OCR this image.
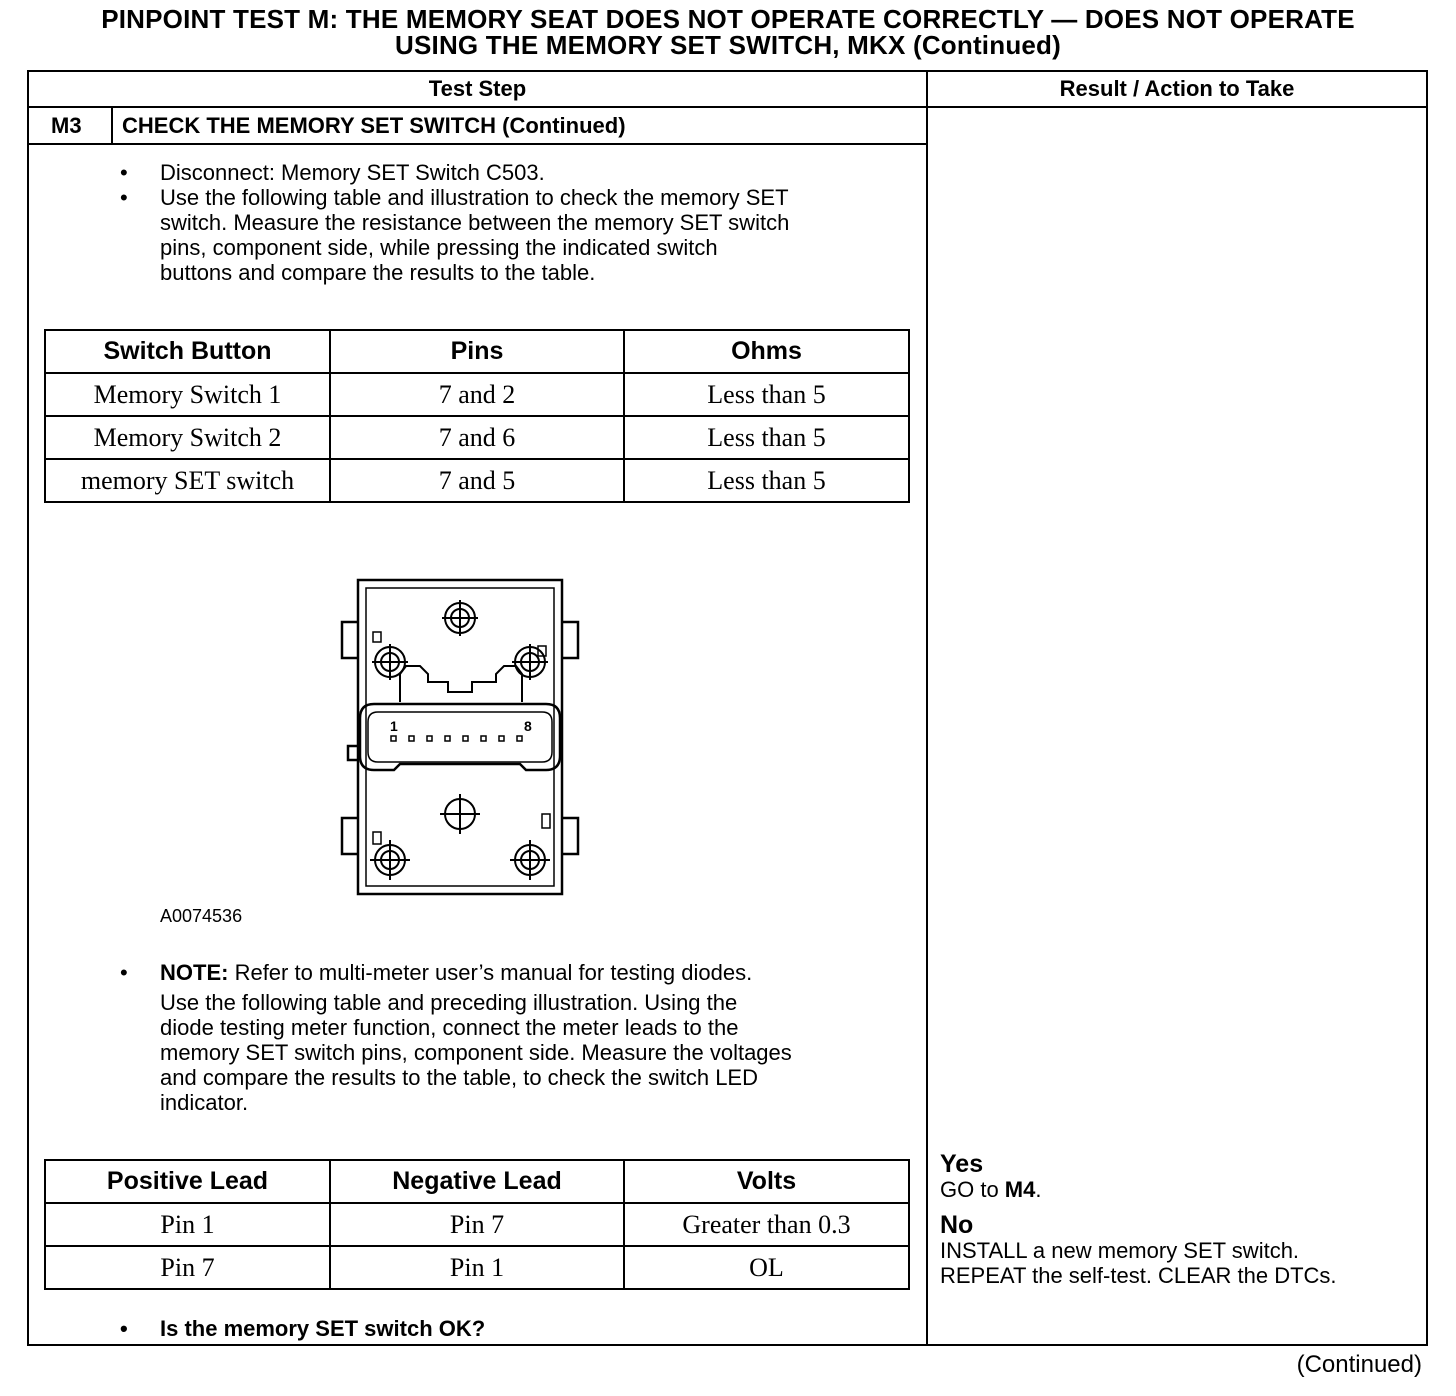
PINPOINT TEST M: THE MEMORY SEAT DOES NOT OPERATE CORRECTLY — DOES NOT OPERATE
USING THE MEMORY SET SWITCH, MKX (Continued)
Test Step	Result / Action to Take
M3 CHECK THE MEMORY SET SWITCH (Continued)
• Disconnect: Memory SET Switch C503.
• Use the following table and illustration to check the memory SET
switch. Measure the resistance between the memory SET switch
pins, component side, while pressing the indicated switch
buttons and compare the results to the table.
Switch Button	Pins	Ohms
Memory Switch 1	7 and 2	Less than 5
Memory Switch 2	7 and 6	Less than 5
memory SET switch	7 and 5	Less than 5
1	8
A0074536
• NOTE: Refer to multi-meter user’s manual for testing diodes.
Use the following table and preceding illustration. Using the
diode testing meter function, connect the meter leads to the
memory SET switch pins, component side. Measure the voltages
and compare the results to the table, to check the switch LED
indicator.
Positive Lead	Negative Lead	Volts
Pin 1	Pin 7	Greater than 0.3
Pin 7	Pin 1	OL
• Is the memory SET switch OK?
Yes
GO to M4.
No
INSTALL a new memory SET switch.
REPEAT the self-test. CLEAR the DTCs.
(Continued)
